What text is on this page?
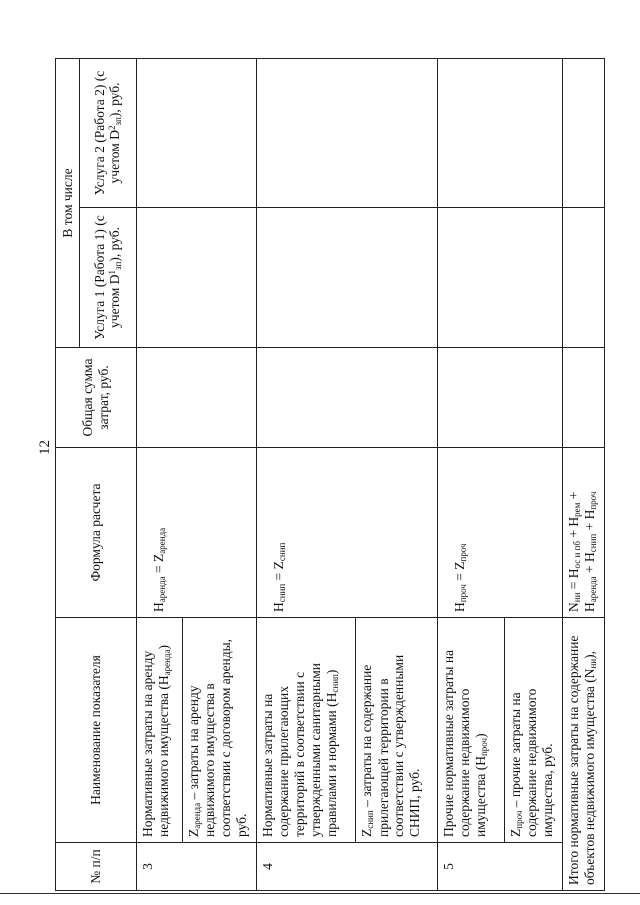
12
№ п/п	Наименование показателя	Формула расчета	Общая сумма затрат, руб.	В том числе	
				Услуга 1 (Работа 1) (с учетом $D^1_{зп}$), руб.	Услуга 2 (Работа 2) (с учетом $D^2_{зп}$), руб.
3	Нормативные затраты на аренду недвижимого имущества $(Н_{аренда})$	$Н_{аренда} = Z_{аренда}$			
	$Z_{аренда}$ – затраты на аренду недвижимого имущества в соответствии с договором аренды, руб.				
4	Нормативные затраты на содержание прилегающих территорий в соответствии с утвержденными санитарными правилами и нормами $(Н_{снип})$	$Н_{снип} = Z_{снип}$			
	$Z_{снип}$ – затраты на содержание прилегающей территории в соответствии с утвержденными СНИП, руб.				
5	Прочие нормативные затраты на содержание недвижимого имущества $(Н_{проч})$	$Н_{проч} = Z_{проч}$			
	$Z_{проч}$ – прочие затраты на содержание недвижимого имущества, руб.				
Итого нормативные затраты на содержание объектов недвижимого имущества $(N_{ни})$,		$N_{ни} = Н_{ос и пб} + Н_{рем}$ +
$Н_{аренда} + Н_{снип} + Н_{проч}$			
